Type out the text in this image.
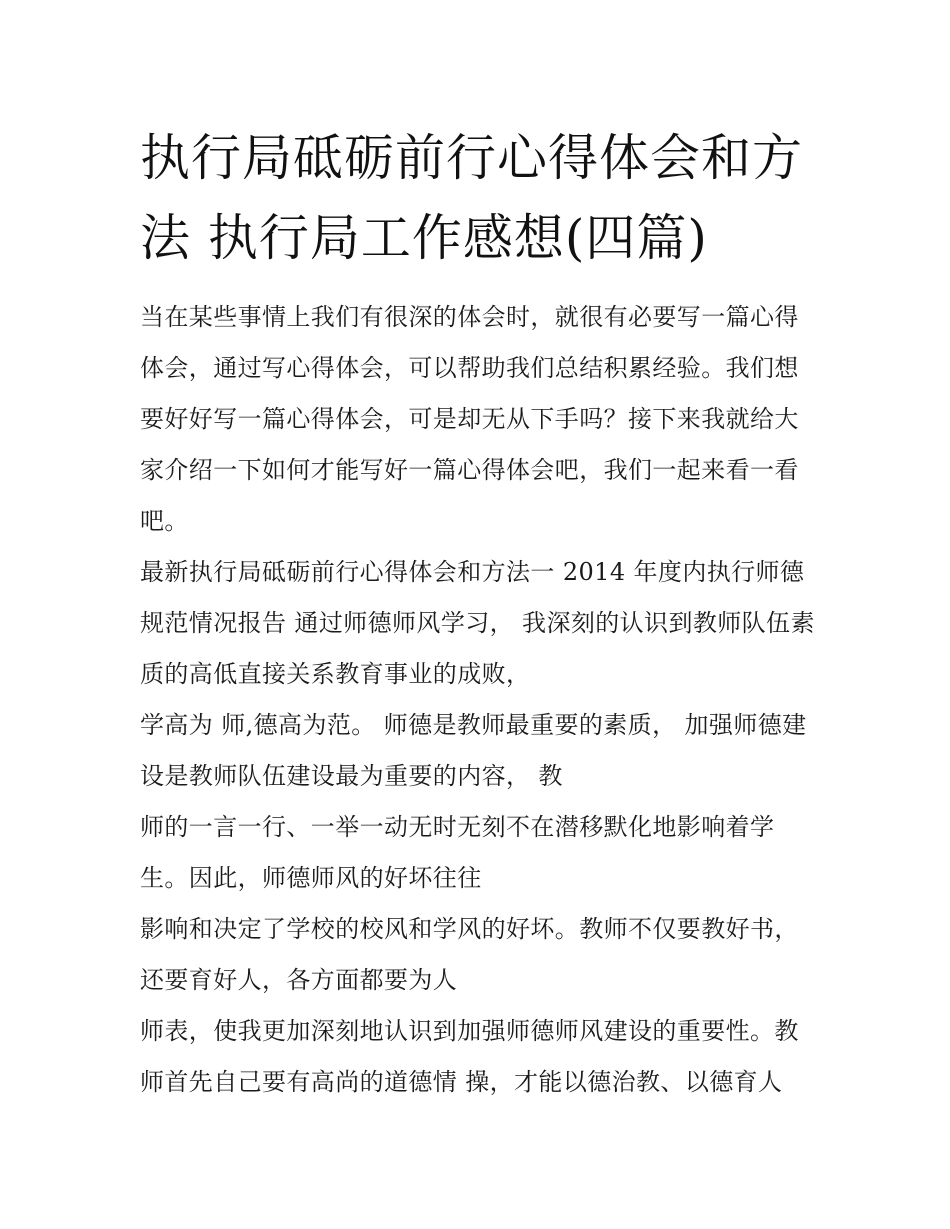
执行局砥砺前行心得体会和方法 执行局工作感想(四篇)

当在某些事情上我们有很深的体会时，就很有必要写一篇心得体会，通过写心得体会，可以帮助我们总结积累经验。我们想要好好写一篇心得体会，可是却无从下手吗？接下来我就给大家介绍一下如何才能写好一篇心得体会吧，我们一起来看一看吧。

最新执行局砥砺前行心得体会和方法一 2014 年度内执行师德规范情况报告 通过师德师风学习， 我深刻的认识到教师队伍素质的高低直接关系教育事业的成败，

学高为 师,德高为范。 师德是教师最重要的素质， 加强师德建设是教师队伍建设最为重要的内容， 教

师的一言一行、一举一动无时无刻不在潜移默化地影响着学生。因此，师德师风的好坏往往

影响和决定了学校的校风和学风的好坏。教师不仅要教好书，还要育好人，各方面都要为人

师表，使我更加深刻地认识到加强师德师风建设的重要性。教师首先自己要有高尚的道德情 操，才能以德治教、以德育人
